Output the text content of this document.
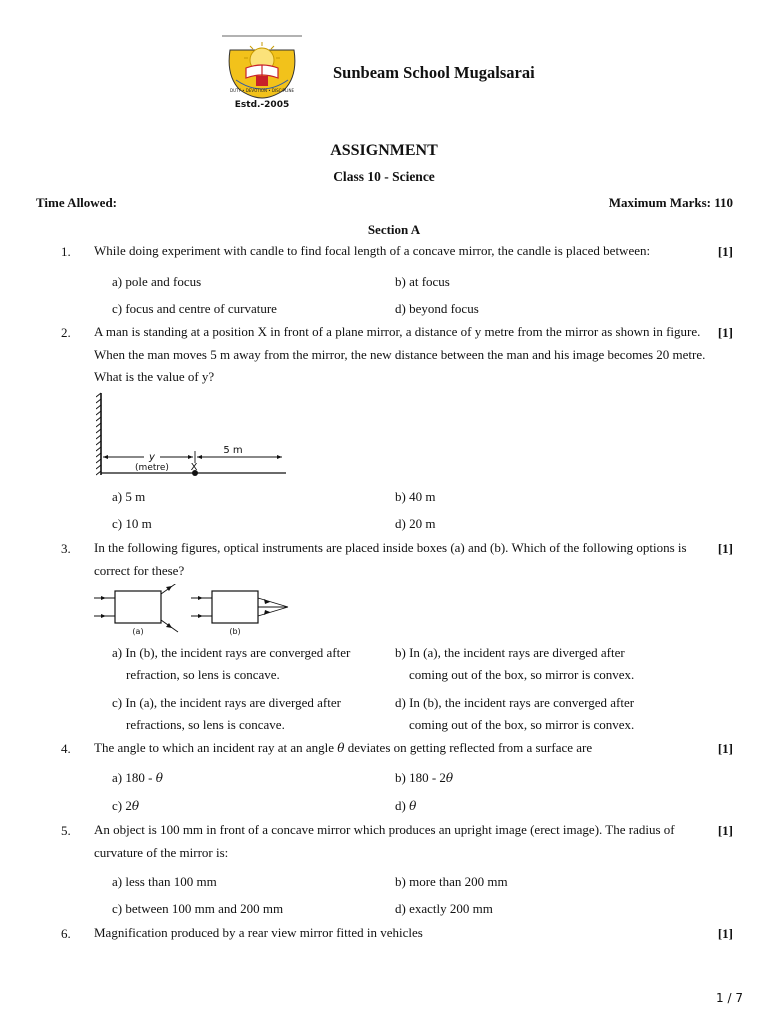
DUTY • DEVOTION • DISCIPLINE
Estd.-2005
Sunbeam School Mugalsarai
ASSIGNMENT
Class 10 - Science
Time Allowed:	Maximum Marks: 110
Section A
1. While doing experiment with candle to find focal length of a concave mirror, the candle is placed between:	[1]
a) pole and focus	b) at focus
c) focus and centre of curvature	d) beyond focus
2. A man is standing at a position X in front of a plane mirror, a distance of y metre from the mirror as shown in figure. When the man moves 5 m away from the mirror, the new distance between the man and his image becomes 20 metre. What is the value of y?
[1]
y
(metre) X
5 m
a) 5 m	b) 40 m
c) 10 m	d) 20 m
3. In the following figures, optical instruments are placed inside boxes (a) and (b). Which of the following options is correct for these?
[1]
(a)	(b)
a) In (b), the incident rays are converged after
refraction, so lens is concave.
b) In (a), the incident rays are diverged after
coming out of the box, so mirror is convex.
c) In (a), the incident rays are diverged after
refractions, so lens is concave.
d) In (b), the incident rays are converged after
coming out of the box, so mirror is convex.
4. The angle to which an incident ray at an angle θ deviates on getting reflected from a surface are	[1]
a) 180 - θ	b) 180 - 2θ
c) 2θ	d) θ
5. An object is 100 mm in front of a concave mirror which produces an upright image (erect image). The radius of curvature of the mirror is:
[1]
a) less than 100 mm	b) more than 200 mm
c) between 100 mm and 200 mm	d) exactly 200 mm
6. Magnification produced by a rear view mirror fitted in vehicles	[1]
1 / 7
